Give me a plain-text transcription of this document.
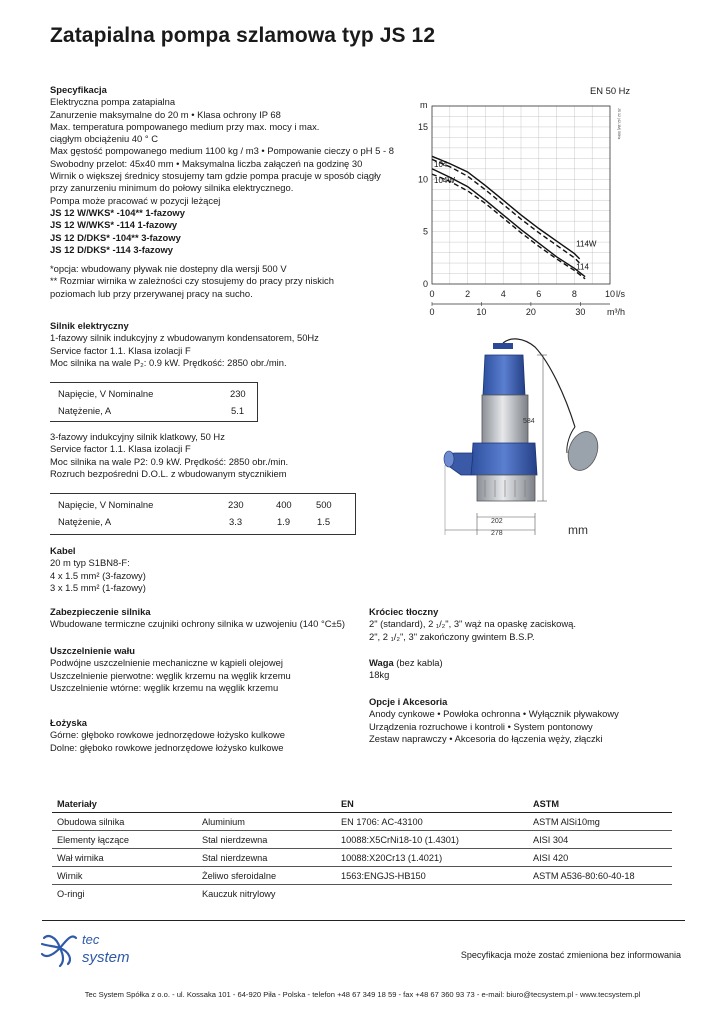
Zatapialna pompa szlamowa typ JS 12
Specyfikacja
Elektryczna pompa zatapialna
Zanurzenie maksymalne do 20 m • Klasa ochrony IP 68
Max. temperatura pompowanego medium przy max. mocy i max.
ciągłym obciążeniu 40 ° C
Max gęstość pompowanego medium 1100 kg / m3 • Pompowanie cieczy o pH 5 - 8
Swobodny przelot: 45x40 mm • Maksymalna liczba załączeń na godzinę 30
Wirnik o większej średnicy stosujemy tam gdzie pompa pracuje w sposób ciągły
przy zanurzeniu minimum do połowy silnika elektrycznego.
Pompa może pracować w pozycji leżącej
JS 12 W/WKS* -104** 1-fazowy
JS 12 W/WKS* -114 1-fazowy
JS 12 D/DKS* -104** 3-fazowy
JS 12 D/DKS* -114 3-fazowy
*opcja: wbudowany pływak nie dostepny dla wersji 500 V
** Rozmiar wirnika w zależności czy stosujemy do pracy przy niskich
poziomach lub przy przerywanej pracy na sucho.
Silnik elektryczny
1-fazowy silnik indukcyjny z wbudowanym kondensatorem, 50Hz
Service factor 1.1. Klasa izolacji F
Moc silnika na wale P₂: 0.9 kW. Prędkość: 2850 obr./min.
Napięcie, V Nominalne	230
Natężenie, A	5.1
3-fazowy indukcyjny silnik klatkowy, 50 Hz
Service factor 1.1. Klasa izolacji F
Moc silnika na wale P2: 0.9 kW. Prędkość: 2850 obr./min.
Rozruch bezpośredni D.O.L. z wbudowanym stycznikiem
Napięcie, V Nominalne	230	400	500
Natężenie, A	3.3	1.9	1.5
Kabel
20 m typ S1BN8-F:
4 x 1.5 mm² (3-fazowy)
3 x 1.5 mm² (1-fazowy)
Zabezpieczenie silnika
Wbudowane termiczne czujniki ochrony silnika w uzwojeniu (140 °C±5)
Uszczelnienie wału
Podwójne uszczelnienie mechaniczne w kąpieli olejowej
Uszczelnienie pierwotne: węglik krzemu na węglik krzemu
Uszczelnienie wtórne: węglik krzemu na węglik krzemu
Łożyska
Górne: głęboko rowkowe jednorzędowe łożysko kulkowe
Dolne: głęboko rowkowe jednorzędowe łożysko kulkowe
Króciec tłoczny
2" (standard), 2 ₁/₂", 3" wąż na opaskę zaciskową.
2", 2 ₁/₂", 3" zakończony gwintem B.S.P.
Waga (bez kabla)
18kg
Opcje i Akcesoria
Anody cynkowe • Powłoka ochronna • Wyłącznik pływakowy
Urządzenia rozruchowe i kontroli • System pontonowy
Zestaw naprawczy • Akcesoria do łączenia węży, złączki
EN 50 Hz
0
5
10
15
m
0	2	4	6	8	10 l/s
0	10	20	30 m³/h
JS 12 (42-1M) 50Hz
104
104W
114W
114
584
202
278	mm
Materiały		EN	ASTM
Obudowa silnika	Aluminium	EN 1706: AC-43100	ASTM AlSi10mg
Elementy łączące	Stal nierdzewna	10088:X5CrNi18-10 (1.4301)	AISI 304
Wał wirnika	Stal nierdzewna	10088:X20Cr13 (1.4021)	AISI 420
Wirnik	Żeliwo sferoidalne	1563:ENGJS-HB150	ASTM A536-80:60-40-18
O-ringi	Kauczuk nitrylowy		
tec
system	Specyfikacja może zostać zmieniona bez informowania
Tec System Spółka z o.o. - ul. Kossaka 101 - 64-920 Piła - Polska - telefon +48 67 349 18 59 - fax +48 67 360 93 73 - e-mail: biuro@tecsystem.pl - www.tecsystem.pl
